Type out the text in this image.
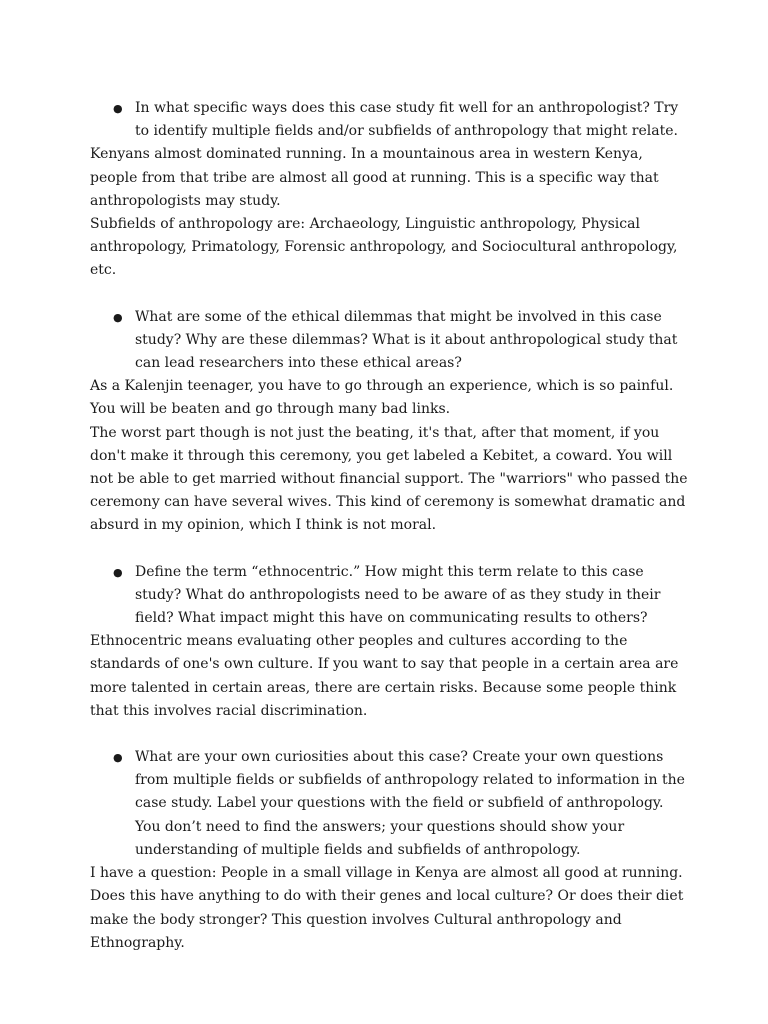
● In what specific ways does this case study fit well for an anthropologist? Try to identify multiple fields and/or subfields of anthropology that might relate.

Kenyans almost dominated running. In a mountainous area in western Kenya, people from that tribe are almost all good at running. This is a specific way that anthropologists may study.

Subfields of anthropology are: Archaeology, Linguistic anthropology, Physical anthropology, Primatology, Forensic anthropology, and Sociocultural anthropology, etc.

● What are some of the ethical dilemmas that might be involved in this case study? Why are these dilemmas? What is it about anthropological study that can lead researchers into these ethical areas?

As a Kalenjin teenager, you have to go through an experience, which is so painful. You will be beaten and go through many bad links.

The worst part though is not just the beating, it's that, after that moment, if you don't make it through this ceremony, you get labeled a Kebitet, a coward. You will not be able to get married without financial support. The "warriors" who passed the ceremony can have several wives. This kind of ceremony is somewhat dramatic and absurd in my opinion, which I think is not moral.

● Define the term “ethnocentric.” How might this term relate to this case study? What do anthropologists need to be aware of as they study in their field? What impact might this have on communicating results to others?

Ethnocentric means evaluating other peoples and cultures according to the standards of one's own culture. If you want to say that people in a certain area are more talented in certain areas, there are certain risks. Because some people think that this involves racial discrimination.

● What are your own curiosities about this case? Create your own questions from multiple fields or subfields of anthropology related to information in the case study. Label your questions with the field or subfield of anthropology. You don’t need to find the answers; your questions should show your understanding of multiple fields and subfields of anthropology.

I have a question: People in a small village in Kenya are almost all good at running. Does this have anything to do with their genes and local culture? Or does their diet make the body stronger? This question involves Cultural anthropology and Ethnography.
